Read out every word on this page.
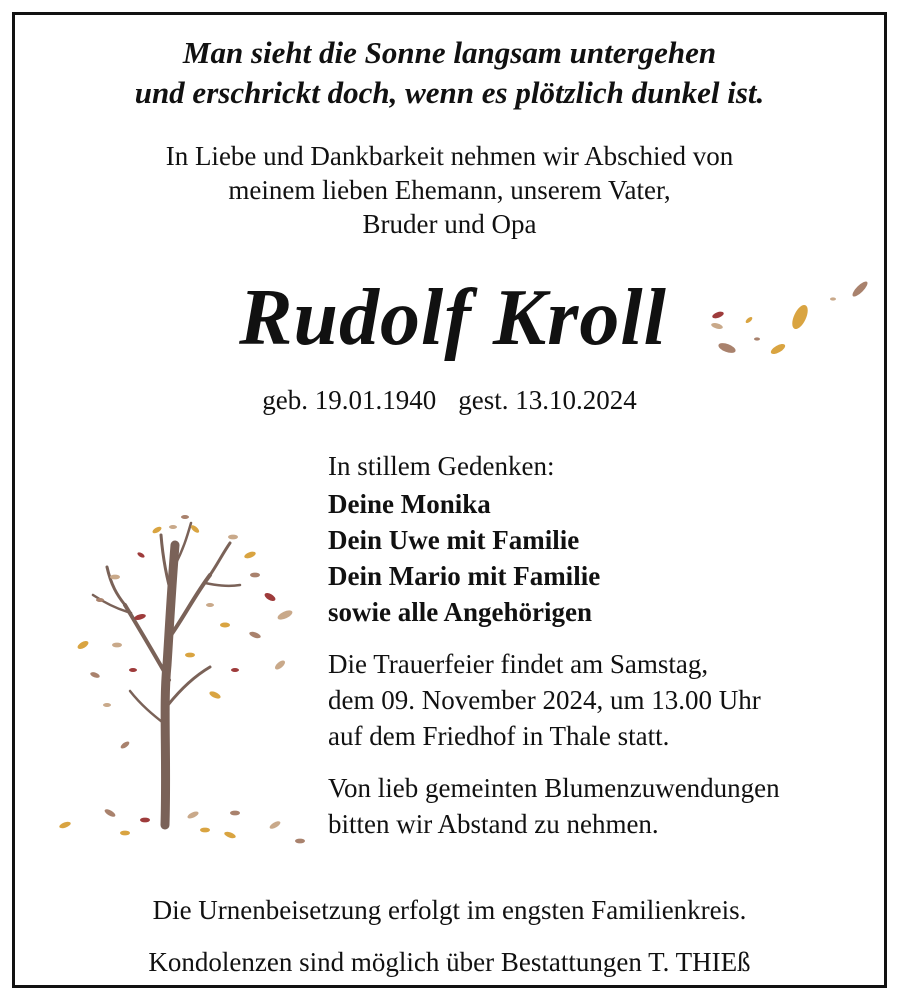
Man sieht die Sonne langsam untergehen
und erschrickt doch, wenn es plötzlich dunkel ist.
In Liebe und Dankbarkeit nehmen wir Abschied von
meinem lieben Ehemann, unserem Vater,
Bruder und Opa
Rudolf Kroll
geb. 19.01.1940 gest. 13.10.2024
In stillem Gedenken:
Deine Monika
Dein Uwe mit Familie
Dein Mario mit Familie
sowie alle Angehörigen
Die Trauerfeier findet am Samstag,
dem 09. November 2024, um 13.00 Uhr
auf dem Friedhof in Thale statt.
Von lieb gemeinten Blumenzuwendungen
bitten wir Abstand zu nehmen.
Die Urnenbeisetzung erfolgt im engsten Familienkreis.
Kondolenzen sind möglich über Bestattungen T. THIEß
